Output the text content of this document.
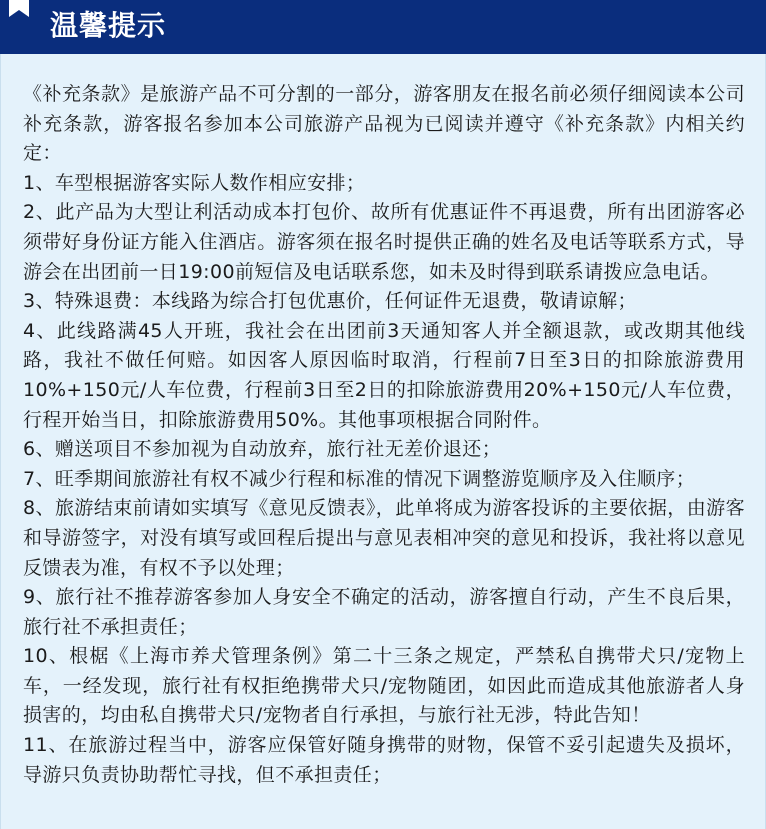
温馨提示

《补充条款》是旅游产品不可分割的一部分，游客朋友在报名前必须仔细阅读本公司补充条款，游客报名参加本公司旅游产品视为已阅读并遵守《补充条款》内相关约定：

1、车型根据游客实际人数作相应安排；

2、此产品为大型让利活动成本打包价、故所有优惠证件不再退费，所有出团游客必须带好身份证方能入住酒店。游客须在报名时提供正确的姓名及电话等联系方式，导游会在出团前一日19:00前短信及电话联系您，如未及时得到联系请拨应急电话。

3、特殊退费：本线路为综合打包优惠价，任何证件无退费，敬请谅解；

4、此线路满45人开班，我社会在出团前3天通知客人并全额退款，或改期其他线路，我社不做任何赔。如因客人原因临时取消，行程前7日至3日的扣除旅游费用10%+150元/人车位费，行程前3日至2日的扣除旅游费用20%+150元/人车位费，行程开始当日，扣除旅游费用50%。其他事项根据合同附件。

6、赠送项目不参加视为自动放弃，旅行社无差价退还；

7、旺季期间旅游社有权不减少行程和标准的情况下调整游览顺序及入住顺序；

8、旅游结束前请如实填写《意见反馈表》，此单将成为游客投诉的主要依据，由游客和导游签字，对没有填写或回程后提出与意见表相冲突的意见和投诉，我社将以意见反馈表为准，有权不予以处理；

9、旅行社不推荐游客参加人身安全不确定的活动，游客擅自行动，产生不良后果，旅行社不承担责任；

10、根椐《上海市养犬管理条例》第二十三条之规定，严禁私自携带犬只/宠物上车，一经发现，旅行社有权拒绝携带犬只/宠物随团，如因此而造成其他旅游者人身损害的，均由私自携带犬只/宠物者自行承担，与旅行社无涉，特此告知！

11、在旅游过程当中，游客应保管好随身携带的财物，保管不妥引起遗失及损坏，导游只负责协助帮忙寻找，但不承担责任；
